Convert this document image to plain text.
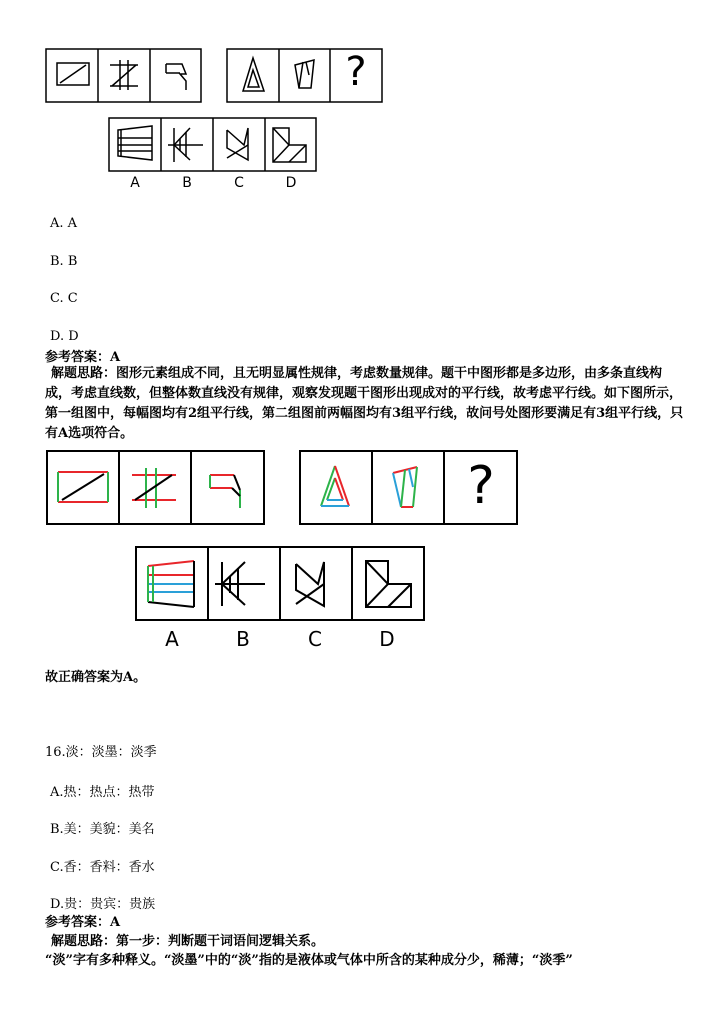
?
A	B	C	D
A. A
B. B
C. C
D. D
参考答案：A
解题思路：图形元素组成不同，且无明显属性规律，考虑数量规律。题干中图形都是多边形，由多条直线构成，考虑直线数，但整体数直线没有规律，观察发现题干图形出现成对的平行线，故考虑平行线。如下图所示，第一组图中，每幅图均有2组平行线，第二组图前两幅图均有3组平行线，故问号处图形要满足有3组平行线，只有A选项符合。
?
A	B	C	D
故正确答案为A。
16.淡：淡墨：淡季
A.热：热点：热带
B.美：美貌：美名
C.香：香料：香水
D.贵：贵宾：贵族
参考答案：A
解题思路：第一步：判断题干词语间逻辑关系。
“淡”字有多种释义。“淡墨”中的“淡”指的是液体或气体中所含的某种成分少，稀薄；“淡季”
